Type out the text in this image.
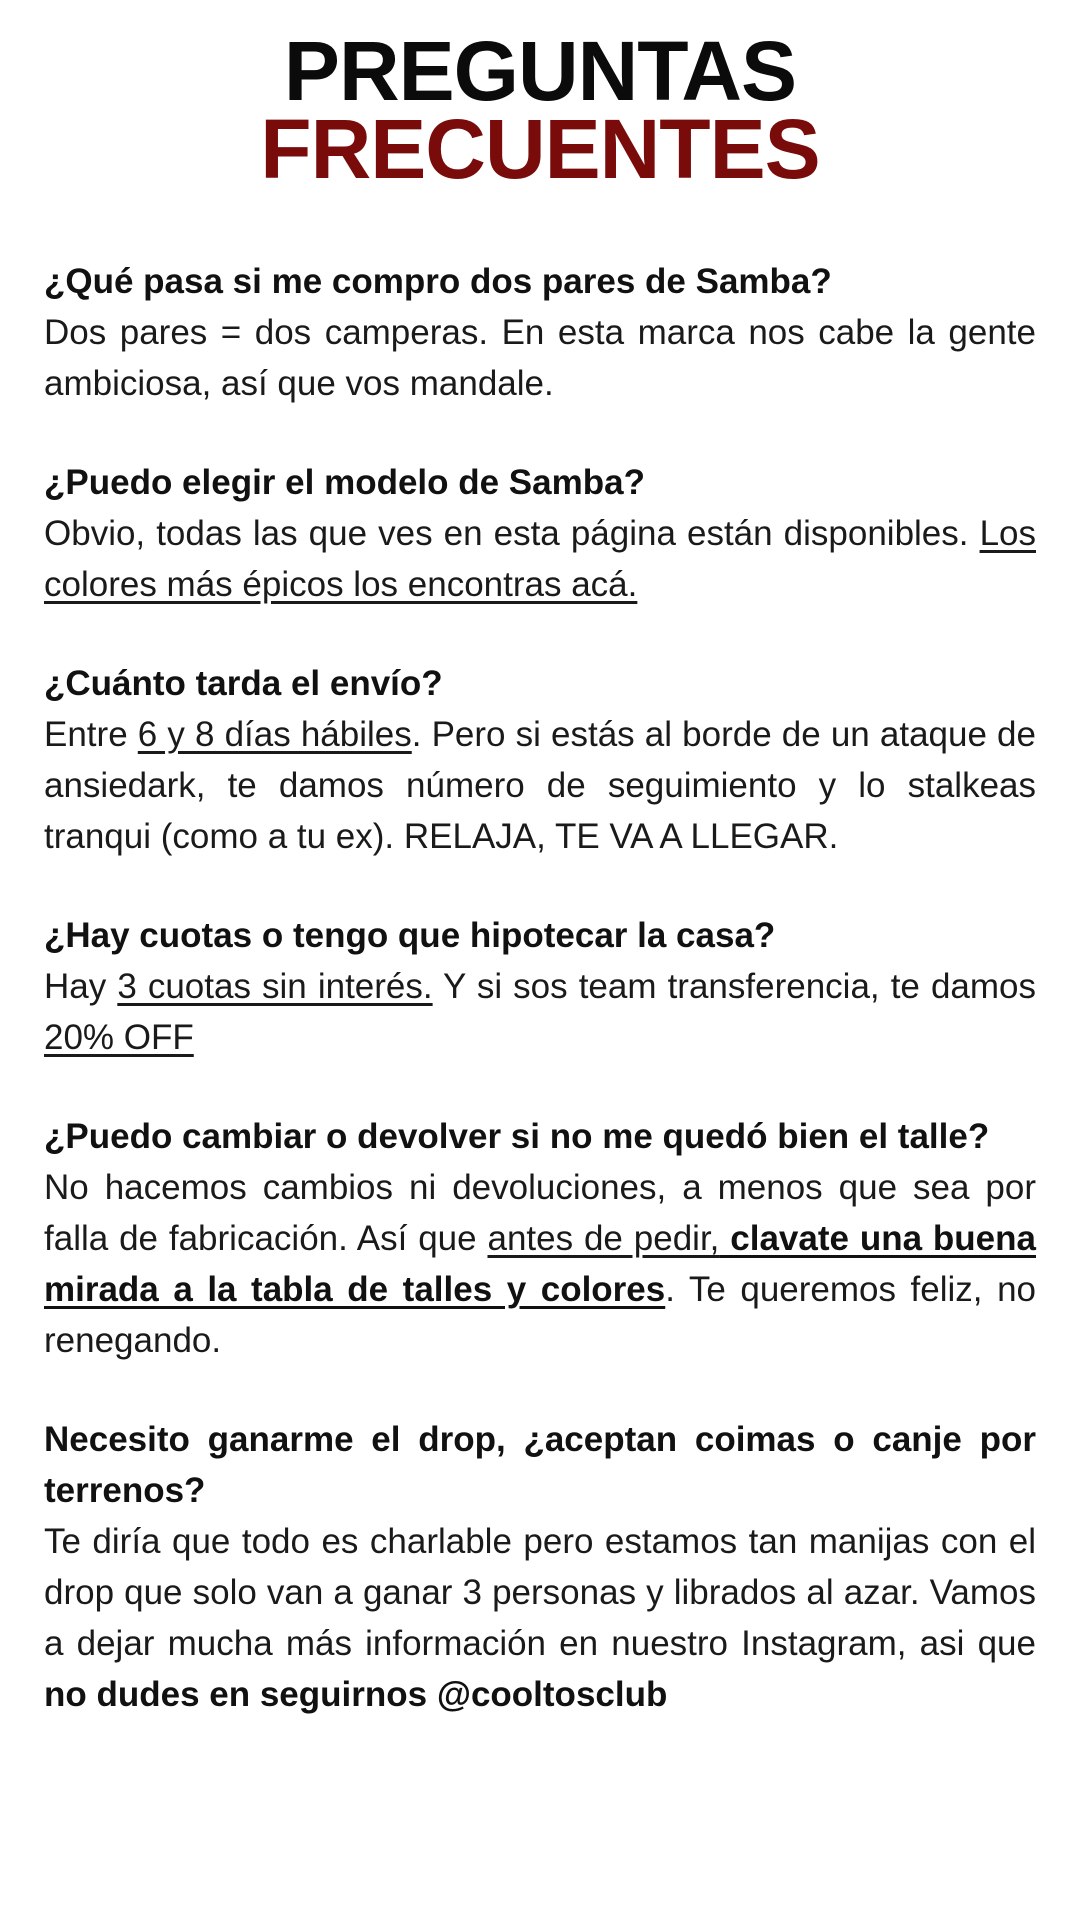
PREGUNTAS
FRECUENTES

¿Qué pasa si me compro dos pares de Samba?

Dos pares = dos camperas. En esta marca nos cabe la gente ambiciosa, así que vos mandale.

¿Puedo elegir el modelo de Samba?

Obvio, todas las que ves en esta página están disponibles. Los colores más épicos los encontras acá.

¿Cuánto tarda el envío?

Entre 6 y 8 días hábiles. Pero si estás al borde de un ataque de ansiedark, te damos número de seguimiento y lo stalkeas tranqui (como a tu ex). RELAJA, TE VA A LLEGAR.

¿Hay cuotas o tengo que hipotecar la casa?

Hay 3 cuotas sin interés. Y si sos team transferencia, te damos 20% OFF

¿Puedo cambiar o devolver si no me quedó bien el talle?

No hacemos cambios ni devoluciones, a menos que sea por falla de fabricación. Así que antes de pedir, clavate una buena mirada a la tabla de talles y colores. Te queremos feliz, no renegando.

Necesito ganarme el drop, ¿aceptan coimas o canje por terrenos?

Te diría que todo es charlable pero estamos tan manijas con el drop que solo van a ganar 3 personas y librados al azar. Vamos a dejar mucha más información en nuestro Instagram, asi que no dudes en seguirnos @cooltosclub
